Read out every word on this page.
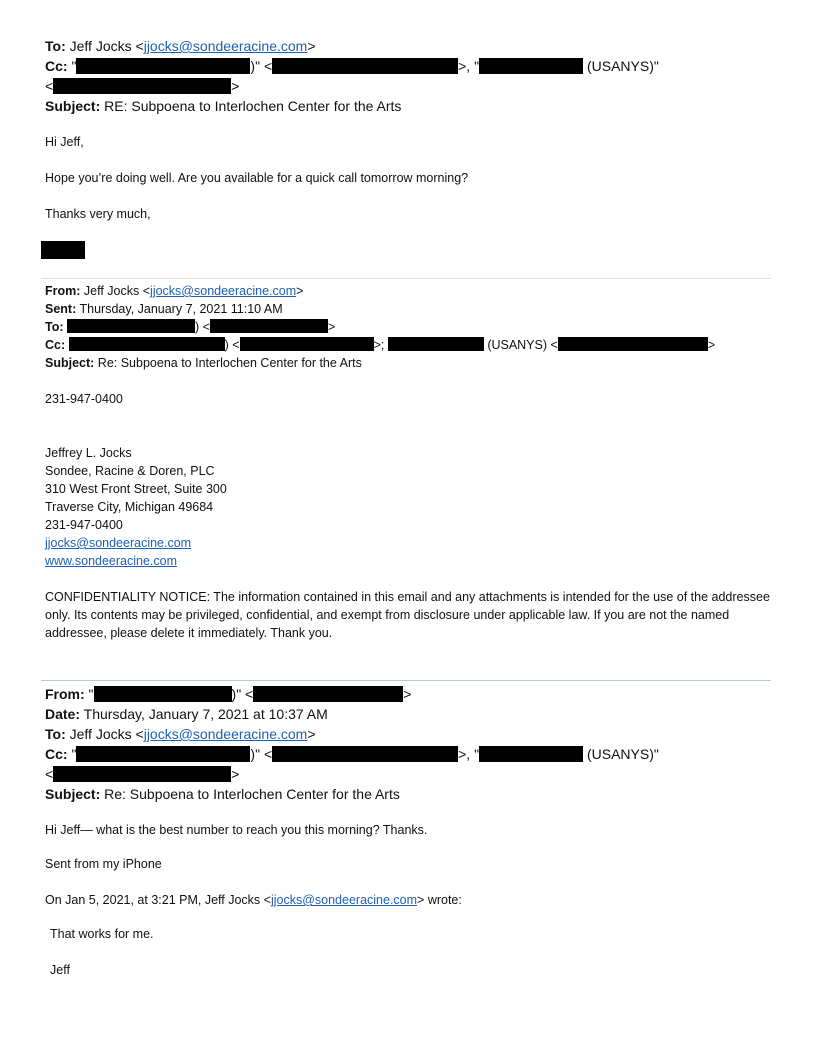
To: Jeff Jocks <jjocks@sondeeracine.com>
Cc: "	)" <	>, "	(USANYS)"
<	>
Subject: RE: Subpoena to Interlochen Center for the Arts
Hi Jeff,
Hope you’re doing well. Are you available for a quick call tomorrow morning?
Thanks very much,
From: Jeff Jocks <jjocks@sondeeracine.com>
Sent: Thursday, January 7, 2021 11:10 AM
To:	) <	>
Cc:	) <	>;	(USANYS) <	>
Subject: Re: Subpoena to Interlochen Center for the Arts
231-947-0400
Jeffrey L. Jocks
Sondee, Racine & Doren, PLC
310 West Front Street, Suite 300
Traverse City, Michigan 49684
231-947-0400
jjocks@sondeeracine.com
www.sondeeracine.com
CONFIDENTIALITY NOTICE: The information contained in this email and any attachments is intended for the use of the addressee only. Its contents may be privileged, confidential, and exempt from disclosure under applicable law. If you are not the named addressee, please delete it immediately. Thank you.
From: "	)" <	>
Date: Thursday, January 7, 2021 at 10:37 AM
To: Jeff Jocks <jjocks@sondeeracine.com>
Cc: "	)" <	>, "	(USANYS)"
<	>
Subject: Re: Subpoena to Interlochen Center for the Arts
Hi Jeff— what is the best number to reach you this morning? Thanks.
Sent from my iPhone
On Jan 5, 2021, at 3:21 PM, Jeff Jocks <jjocks@sondeeracine.com> wrote:
That works for me.
Jeff
